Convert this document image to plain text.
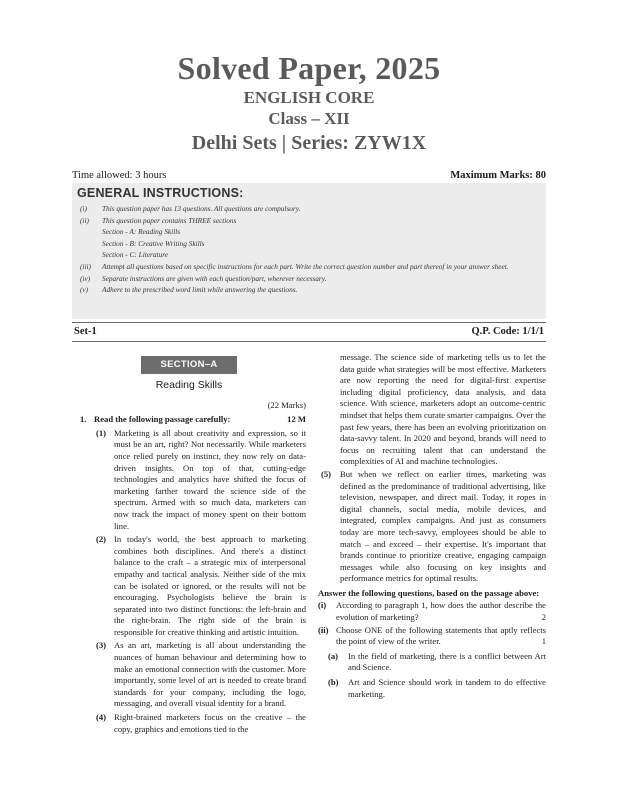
Solved Paper, 2025
ENGLISH CORE
Class – XII
Delhi Sets | Series: ZYW1X
Time allowed: 3 hours	Maximum Marks: 80
GENERAL INSTRUCTIONS:
(i) This question paper has 13 questions. All questions are compulsory.
(ii) This question paper contains THREE sections
Section - A: Reading Skills
Section - B: Creative Writing Skills
Section - C: Literature
(iii) Attempt all questions based on specific instructions for each part. Write the correct question number and part thereof in your answer sheet.
(iv) Separate instructions are given with each question/part, wherever necessary.
(v) Adhere to the prescribed word limit while answering the questions.
Set-1	Q.P. Code: 1/1/1
SECTION–A
Reading Skills
(22 Marks)
1. Read the following passage carefully:	12 M
(1) Marketing is all about creativity and expression, so it must be an art, right? Not necessarily. While marketers once relied purely on instinct, they now rely on data-driven insights. On top of that, cutting-edge technologies and analytics have shifted the focus of marketing farther toward the science side of the spectrum. Armed with so much data, marketers can now track the impact of money spent on their bottom line.
(2) In today's world, the best approach to marketing combines both disciplines. And there's a distinct balance to the craft – a strategic mix of interpersonal empathy and tactical analysis. Neither side of the mix can be isolated or ignored, or the results will not be encouraging. Psychologists believe the brain is separated into two distinct functions: the left-brain and the right-brain. The right side of the brain is responsible for creative thinking and artistic intuition.
(3) As an art, marketing is all about understanding the nuances of human behaviour and determining how to make an emotional connection with the customer. More importantly, some level of art is needed to create brand standards for your company, including the logo, messaging, and overall visual identity for a brand.
(4) Right-brained marketers focus on the creative – the copy, graphics and emotions tied to the
message. The science side of marketing tells us to let the data guide what strategies will be most effective. Marketers are now reporting the need for digital-first expertise including digital proficiency, data analysis, and data science. With science, marketers adopt an outcome-centric mindset that helps them curate smarter campaigns. Over the past few years, there has been an evolving prioritization on data-savvy talent. In 2020 and beyond, brands will need to focus on recruiting talent that can understand the complexities of AI and machine technologies.
(5) But when we reflect on earlier times, marketing was defined as the predominance of traditional advertising, like television, newspaper, and direct mail. Today, it ropes in digital channels, social media, mobile devices, and integrated, complex campaigns. And just as consumers today are more tech-savvy, employees should be able to match – and exceed – their expertise. It's important that brands continue to prioritize creative, engaging campaign messages while also focusing on key insights and performance metrics for optimal results.
Answer the following questions, based on the passage above:
(i) According to paragraph 1, how does the author describe the evolution of marketing?	2
(ii) Choose ONE of the following statements that aptly reflects the point of view of the writer.	1
(a) In the field of marketing, there is a conflict between Art and Science.
(b) Art and Science should work in tandem to do effective marketing.
